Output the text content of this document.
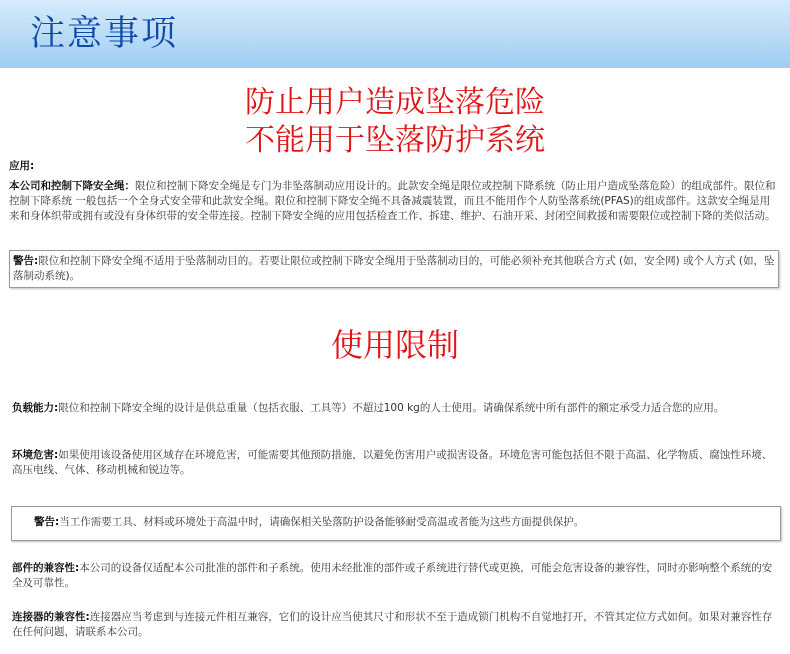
注意事项
防止用户造成坠落危险
不能用于坠落防护系统
应用:
本公司和控制下降安全绳：限位和控制下降安全绳是专门为非坠落制动应用设计的。此款安全绳是限位或控制下降系统（防止用户造成坠落危险）的组成部件。限位和控制下降系统 一般包括一个全身式安全带和此款安全绳。限位和控制下降安全绳不具备减震装置，而且不能用作个人防坠落系统(PFAS)的组成部件。这款安全绳是用来和身体织带或拥有或没有身体织带的安全带连接。控制下降安全绳的应用包括检查工作、拆建、维护、石油开采、封闭空间救援和需要限位或控制下降的类似活动。
警告:限位和控制下降安全绳不适用于坠落制动目的。若要让限位或控制下降安全绳用于坠落制动目的，可能必须补充其他联合方式 (如，安全网) 或个人方式 (如，坠落制动系统)。
使用限制
负载能力:限位和控制下降安全绳的设计是供总重量（包括衣服、工具等）不超过100 kg的人士使用。请确保系统中所有部件的额定承受力适合您的应用。
环境危害:如果使用该设备使用区域存在环境危害，可能需要其他预防措施，以避免伤害用户或损害设备。环境危害可能包括但不限于高温、化学物质、腐蚀性环境、高压电线、气体、移动机械和锐边等。
警告:当工作需要工具、材料或环境处于高温中时，请确保相关坠落防护设备能够耐受高温或者能为这些方面提供保护。
部件的兼容性:本公司的设备仅适配本公司批准的部件和子系统。使用未经批准的部件或子系统进行替代或更换，可能会危害设备的兼容性，同时亦影响整个系统的安全及可靠性。
连接器的兼容性:连接器应当考虑到与连接元件相互兼容，它们的设计应当使其尺寸和形状不至于造成锁门机构不自觉地打开，不管其定位方式如何。如果对兼容性存在任何问题，请联系本公司。
